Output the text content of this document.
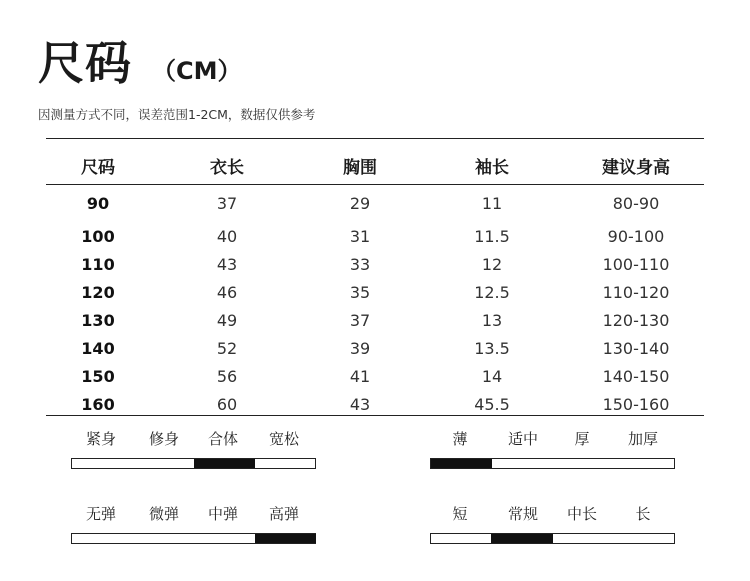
尺码 （CM）
因测量方式不同，误差范围1-2CM，数据仅供参考
尺码	衣长	胸围	袖长	建议身高
90	37	29	11	80-90
100	40	31	11.5	90-100
110	43	33	12	100-110
120	46	35	12.5	110-120
130	49	37	13	120-130
140	52	39	13.5	130-140
150	56	41	14	140-150
160	60	43	45.5	150-160
紧身 修身 合体 宽松	薄	适中 厚	加厚
无弹 微弹 中弹 高弹	短	常规 中长	长
